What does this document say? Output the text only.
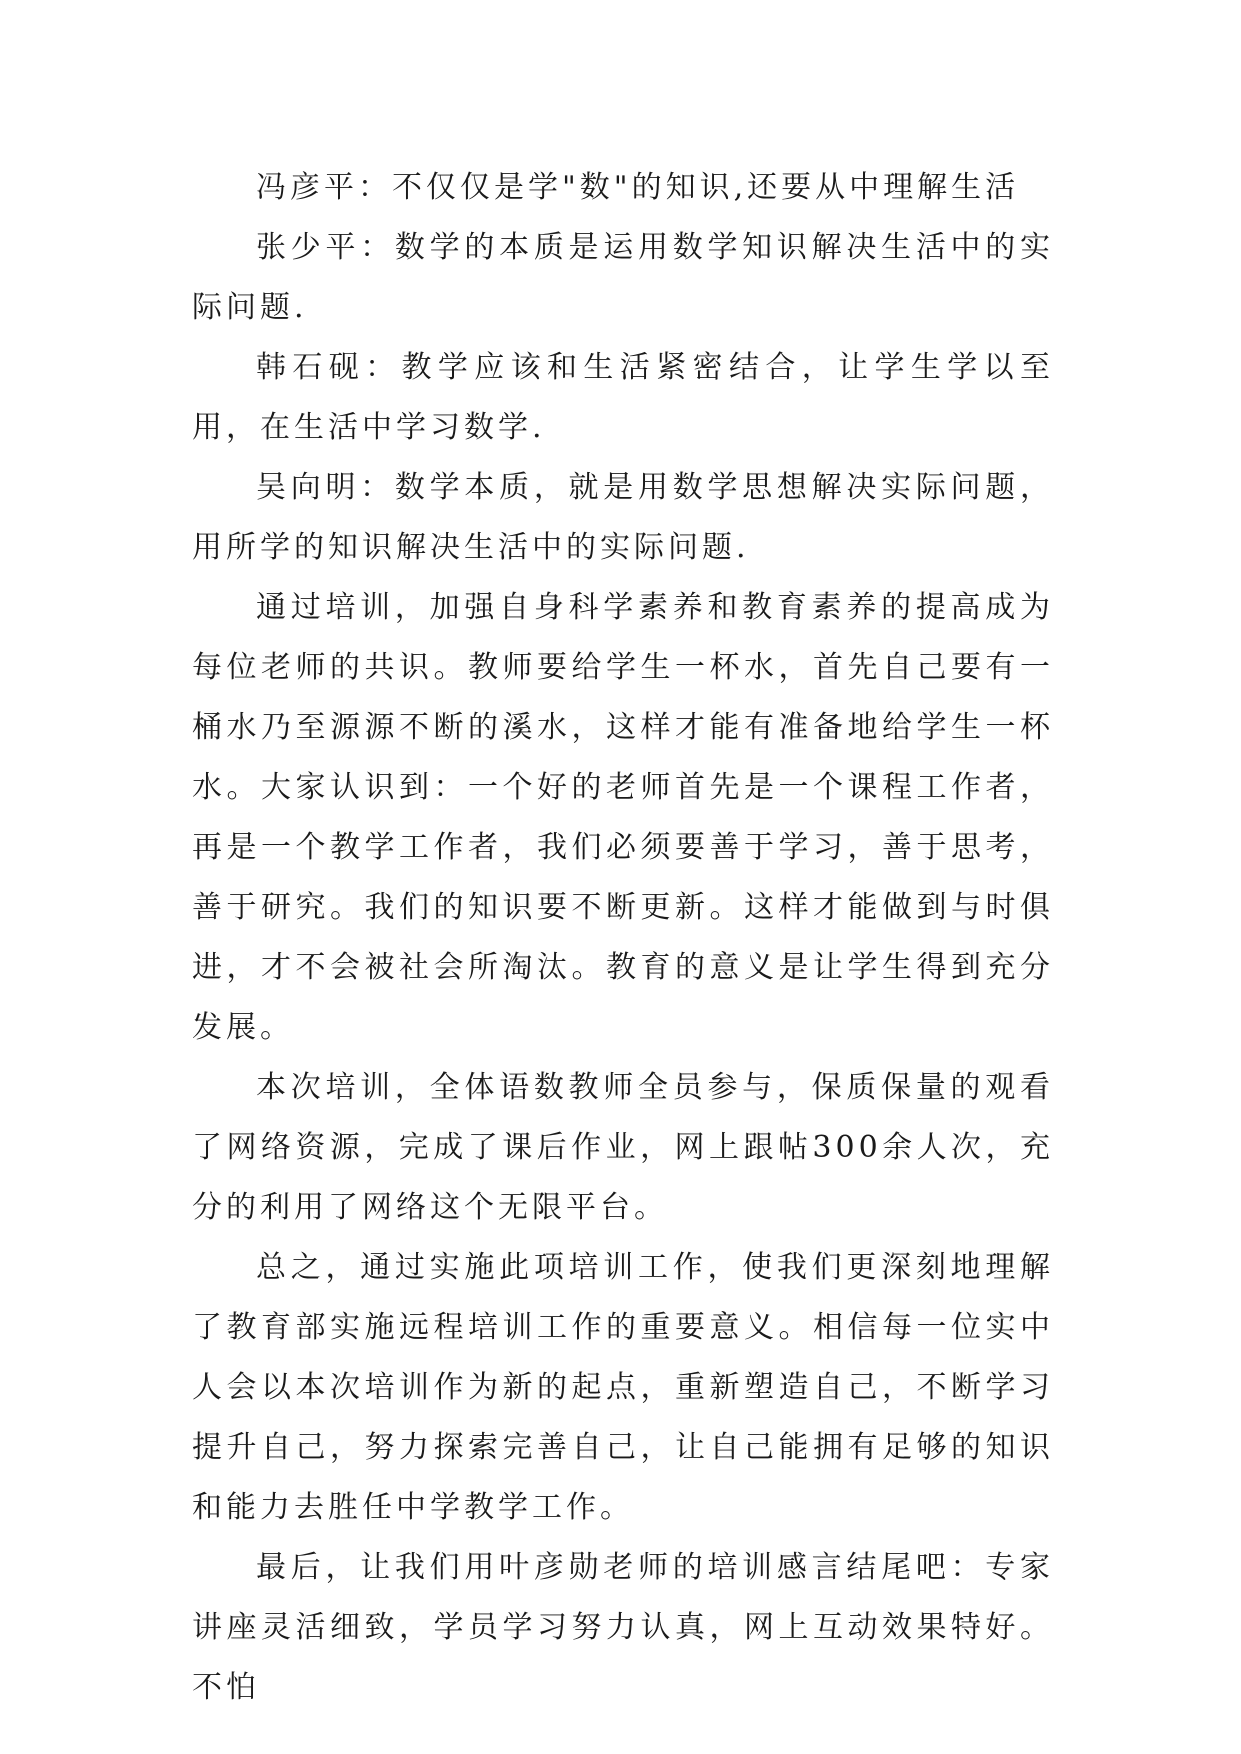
冯彦平：不仅仅是学"数"的知识,还要从中理解生活

张少平：数学的本质是运用数学知识解决生活中的实际问题.

韩石砚：教学应该和生活紧密结合，让学生学以至用，在生活中学习数学.

吴向明：数学本质，就是用数学思想解决实际问题，用所学的知识解决生活中的实际问题.

通过培训，加强自身科学素养和教育素养的提高成为每位老师的共识。教师要给学生一杯水，首先自己要有一桶水乃至源源不断的溪水，这样才能有准备地给学生一杯水。大家认识到：一个好的老师首先是一个课程工作者，再是一个教学工作者，我们必须要善于学习，善于思考，善于研究。我们的知识要不断更新。这样才能做到与时俱进，才不会被社会所淘汰。教育的意义是让学生得到充分发展。

本次培训，全体语数教师全员参与，保质保量的观看了网络资源，完成了课后作业，网上跟帖300余人次，充分的利用了网络这个无限平台。

总之，通过实施此项培训工作，使我们更深刻地理解了教育部实施远程培训工作的重要意义。相信每一位实中人会以本次培训作为新的起点，重新塑造自己，不断学习提升自己，努力探索完善自己，让自己能拥有足够的知识和能力去胜任中学教学工作。

最后，让我们用叶彦勋老师的培训感言结尾吧：专家讲座灵活细致，学员学习努力认真，网上互动效果特好。不怕
